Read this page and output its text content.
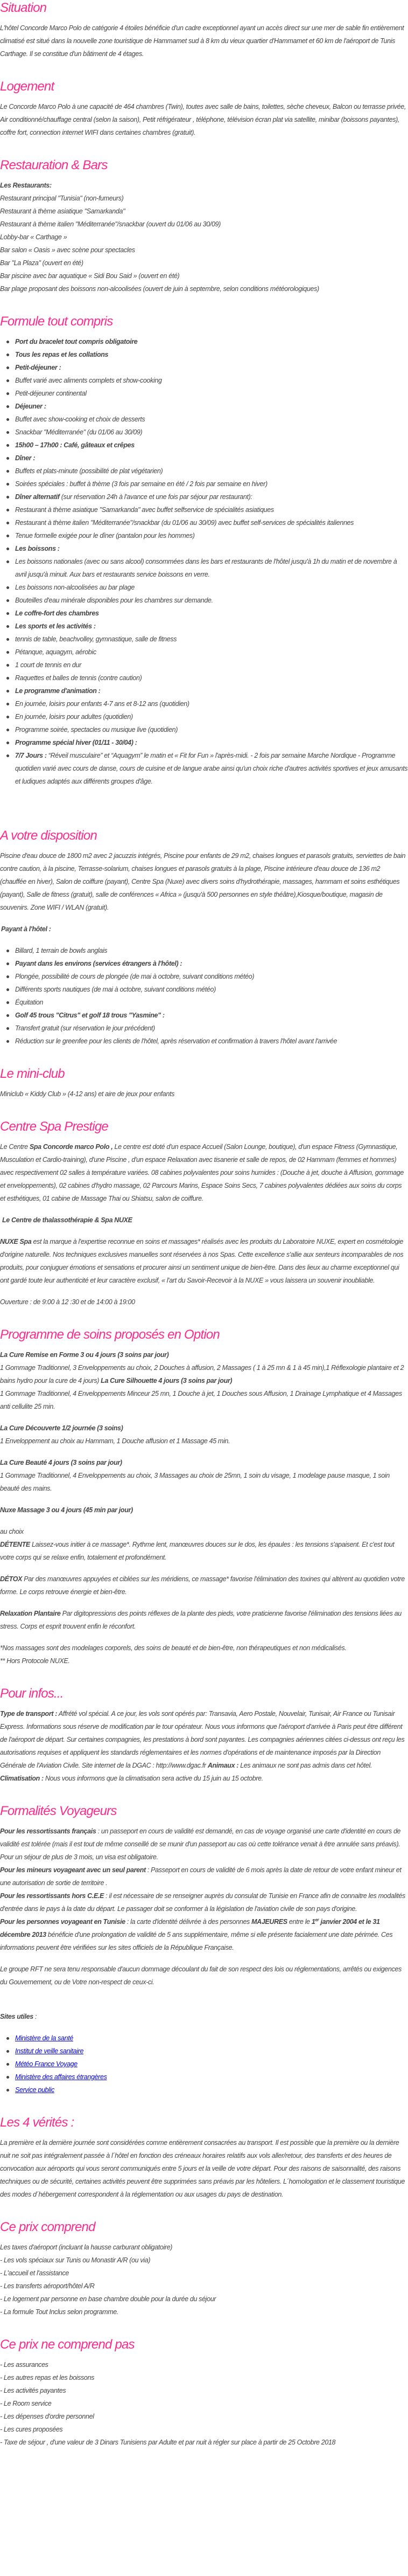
Situation

L'hôtel Concorde Marco Polo de catégorie 4 étoiles bénéficie d'un cadre exceptionnel ayant un accès direct sur une mer de sable fin entièrement climatisé est situé dans la nouvelle zone touristique de Hammamet sud à 8 km du vieux quartier d'Hammamet et 60 km de l'aéroport de Tunis Carthage. Il se constitue d'un bâtiment de 4 étages.

Logement

Le Concorde Marco Polo à une capacité de 464 chambres (Twin), toutes avec salle de bains, toilettes, sèche cheveux, Balcon ou terrasse privée, Air conditionné/chauffage central (selon la saison), Petit réfrigérateur , téléphone, télévision écran plat via satellite, minibar (boissons payantes), coffre fort, connection internet WIFI dans certaines chambres (gratuit).

Restauration & Bars

Les Restaurants:

Restaurant principal "Tunisia" (non-fumeurs)

Restaurant à thème asiatique "Samarkanda"

Restaurant à thème italien "Méditerranée"/snackbar (ouvert du 01/06 au 30/09)

Lobby-bar « Carthage »

Bar salon « Oasis » avec scène pour spectacles

Bar "La Plaza" (ouvert en été)

Bar piscine avec bar aquatique « Sidi Bou Said » (ouvert en été)

Bar plage proposant des boissons non-alcoolisées (ouvert de juin à septembre, selon conditions météorologiques)

Formule tout compris
Port du bracelet tout compris obligatoire
Tous les repas et les collations
Petit-déjeuner :
Buffet varié avec aliments complets et show-cooking
Petit-déjeuner continental
Déjeuner :
Buffet avec show-cooking et choix de desserts
Snackbar "Méditerranée" (du 01/06 au 30/09)
15h00 – 17h00 : Café, gâteaux et crêpes
Dîner :
Buffets et plats-minute (possibilité de plat végétarien)
Soirées spéciales : buffet à thème (3 fois par semaine en été / 2 fois par semaine en hiver)
Dîner alternatif (sur réservation 24h à l'avance et une fois par séjour par restaurant):
Restaurant à thème asiatique "Samarkanda" avec buffet selfservice de spécialités asiatiques
Restaurant à thème italien "Méditerranée"/snackbar (du 01/06 au 30/09) avec buffet self-services de spécialités italiennes
Tenue formelle exigée pour le dîner (pantalon pour les hommes)
Les boissons :
Les boissons nationales (avec ou sans alcool) consommées dans les bars et restaurants de l'hôtel jusqu'à 1h du matin et de novembre à avril jusqu'à minuit. Aux bars et restaurants service boissons en verre.
Les boissons non-alcoolisées au bar plage
Bouteilles d'eau minérale disponibles pour les chambres sur demande.
Le coffre-fort des chambres
Les sports et les activités :
tennis de table, beachvolley, gymnastique, salle de fitness
Pétanque, aquagym, aérobic
1 court de tennis en dur
Raquettes et balles de tennis (contre caution)
Le programme d'animation :
En journée, loisirs pour enfants 4-7 ans et 8-12 ans (quotidien)
En journée, loisirs pour adultes (quotidien)
Programme soirée, spectacles ou musique live (quotidien)
Programme spécial hiver (01/11 - 30/04) :
7/7 Jours : “Réveil musculaire” et “Aquagym” le matin et « Fit for Fun » l'après-midi. - 2 fois par semaine Marche Nordique - Programme quotidien varié avec cours de danse, cours de cuisine et de langue arabe ainsi qu'un choix riche d'autres activités sportives et jeux amusants et ludiques adaptés aux différents groupes d'âge.
A votre disposition

Piscine d'eau douce de 1800 m2 avec 2 jacuzzis intégrés, Piscine pour enfants de 29 m2, chaises longues et parasols gratuits, serviettes de bain contre caution, à la piscine, Terrasse-solarium, chaises longues et parasols gratuits à la plage, Piscine intérieure d'eau douce de 136 m2 (chauffée en hiver), Salon de coiffure (payant), Centre Spa (Nuxe) avec divers soins d'hydrothérapie, massages, hammam et soins esthétiques (payant), Salle de fitness (gratuit), salle de conférences « Africa » (jusqu'à 500 personnes en style théâtre),Kiosque/boutique, magasin de souvenirs. Zone WIFI / WLAN (gratuit).

Payant à l'hôtel :

Billard, 1 terrain de bowls anglais
Payant dans les environs (services étrangers à l'hôtel) :
Plongée, possibilité de cours de plongée (de mai à octobre, suivant conditions météo)
Différents sports nautiques (de mai à octobre, suivant conditions météo)
Équitation
Golf 45 trous "Citrus" et golf 18 trous "Yasmine" :
Transfert gratuit (sur réservation le jour précédent)
Réduction sur le greenfee pour les clients de l'hôtel, après réservation et confirmation à travers l'hôtel avant l'arrivée
Le mini-club

Miniclub « Kiddy Club » (4-12 ans) et aire de jeux pour enfants

Centre Spa Prestige

Le Centre Spa Concorde marco Polo , Le centre est doté d'un espace Accueil (Salon Lounge, boutique), d'un espace Fitness (Gymnastique, Musculation et Cardio-training), d'une Piscine , d'un espace Relaxation avec tisanerie et salle de repos, de 02 Hammam (femmes et hommes) avec respectivement 02 salles à température variées. 08 cabines polyvalentes pour soins humides : (Douche à jet, douche à Affusion, gommage et enveloppements), 02 cabines d'hydro massage, 02 Parcours Marins, Espace Soins Secs, 7 cabines polyvalentes dédiées aux soins du corps et esthétiques, 01 cabine de Massage Thai ou Shiatsu, salon de coiffure.

Le Centre de thalassothérapie & Spa NUXE

NUXE Spa est la marque à l'expertise reconnue en soins et massages* réalisés avec les produits du Laboratoire NUXE, expert en cosmétologie d'origine naturelle. Nos techniques exclusives manuelles sont réservées à nos Spas. Cette excellence s'allie aux senteurs incomparables de nos produits, pour conjuguer émotions et sensations et procurer ainsi un sentiment unique de bien-être. Dans des lieux au charme exceptionnel qui ont gardé toute leur authenticité et leur caractère exclusif, « l'art du Savoir-Recevoir à la NUXE » vous laissera un souvenir inoubliable.

Ouverture : de 9:00 à 12 :30 et de 14:00 à 19:00

Programme de soins proposés en Option

La Cure Remise en Forme 3 ou 4 jours (3 soins par jour)

1 Gommage Traditionnel, 3 Enveloppements au choix, 2 Douches à affusion, 2 Massages ( 1 à 25 mn & 1 à 45 min),1 Réflexologie plantaire et 2 bains hydro pour la cure de 4 jours) La Cure Silhouette 4 jours (3 soins par jour)

1 Gommage Traditionnel, 4 Enveloppements Minceur 25 mn, 1 Douche à jet, 1 Douches sous Affusion, 1 Drainage Lymphatique et 4 Massages anti cellulite 25 min.

La Cure Découverte 1/2 journée (3 soins)

1 Enveloppement au choix au Hammam, 1 Douche affusion et 1 Massage 45 min.

La Cure Beauté 4 jours (3 soins par jour)

1 Gommage Traditionnel, 4 Enveloppements au choix, 3 Massages au choix de 25mn, 1 soin du visage, 1 modelage pause masque, 1 soin beauté des mains.

Nuxe Massage 3 ou 4 jours (45 min par jour)

au choix

DÉTENTE Laissez-vous initier à ce massage*. Rythme lent, manœuvres douces sur le dos, les épaules : les tensions s'apaisent. Et c'est tout votre corps qui se relaxe enfin, totalement et profondément.

DÉTOX Par des manœuvres appuyées et ciblées sur les méridiens, ce massage* favorise l'élimination des toxines qui altèrent au quotidien votre forme. Le corps retrouve énergie et bien-être.

Relaxation Plantaire Par digitopressions des points réflexes de la plante des pieds, votre praticienne favorise l'élimination des tensions liées au stress. Corps et esprit trouvent enfin le réconfort.

*Nos massages sont des modelages corporels, des soins de beauté et de bien-être, non thérapeutiques et non médicalisés.

** Hors Protocole NUXE.

Pour infos...

Type de transport : Affrété vol spécial. A ce jour, les vols sont opérés par: Transavia, Aero Postale, Nouvelair, Tunisair, Air France ou Tunisair Express. Informations sous réserve de modification par le tour opérateur. Nous vous informons que l'aéroport d'arrivée à Paris peut être différent de l'aéroport de départ. Sur certaines compagnies, les prestations à bord sont payantes. Les compagnies aériennes citées ci-dessus ont reçu les autorisations requises et appliquent les standards réglementaires et les normes d'opérations et de maintenance imposés par la Direction Générale de l'Aviation Civile. Site internet de la DGAC : http://www.dgac.fr Animaux : Les animaux ne sont pas admis dans cet hôtel.

Climatisation : Nous vous informons que la climatisation sera active du 15 juin au 15 octobre.

Formalités Voyageurs

Pour les ressortissants français : un passeport en cours de validité est demandé, en cas de voyage organisé une carte d'identité en cours de validité est tolérée (mais il est tout de même conseillé de se munir d'un passeport au cas où cette tolérance venait à être annulée sans préavis). Pour un séjour de plus de 3 mois, un visa est obligatoire.

Pour les mineurs voyageant avec un seul parent : Passeport en cours de validité de 6 mois après la date de retour de votre enfant mineur et une autorisation de sortie de territoire .

Pour les ressortissants hors C.E.E : il est nécessaire de se renseigner auprès du consulat de Tunisie en France afin de connaitre les modalités d'entrée dans le pays à la date du départ. Le passager doit se conformer à la législation de l'aviation civile de son pays d'origine.

Pour les personnes voyageant en Tunisie : la carte d'identité délivrée à des personnes MAJEURES entre le 1er janvier 2004 et le 31 décembre 2013 bénéficie d'une prolongation de validité de 5 ans supplémentaire, même si elle présente facialement une date périmée. Ces informations peuvent être vérifiées sur les sites officiels de la République Française.

Le groupe RFT ne sera tenu responsable d'aucun dommage découlant du fait de son respect des lois ou réglementations, arrêtés ou exigences du Gouvernement, ou de Votre non-respect de ceux-ci.

Sites utiles :

Ministère de la santé
Institut de veille sanitaire
Météo France Voyage
Ministère des affaires étrangères
Service public
Les 4 vérités :

La première et la dernière journée sont considérées comme entièrement consacrées au transport. Il est possible que la première ou la dernière nuit ne soit pas intégralement passée à l´hôtel en fonction des créneaux horaires relatifs aux vols aller/retour, des transferts et des heures de convocation aux aéroports qui vous seront communiqués entre 5 jours et la veille de votre départ. Pour des raisons de saisonnalité, des raisons techniques ou de sécurité, certaines activités peuvent être supprimées sans préavis par les hôteliers. L´homologation et le classement touristique des modes d´hébergement correspondent à la réglementation ou aux usages du pays de destination.

Ce prix comprend

Les taxes d'aéroport (incluant la hausse carburant obligatoire)

- Les vols spéciaux sur Tunis ou Monastir A/R (ou via)

- L'accueil et l'assistance

- Les transferts aéroport/hôtel A/R

- Le logement par personne en base chambre double pour la durée du séjour

- La formule Tout Inclus selon programme.

Ce prix ne comprend pas

- Les assurances

- Les autres repas et les boissons

- Les activités payantes

- Le Room service

- Les dépenses d'ordre personnel

- Les cures proposées

- Taxe de séjour , d'une valeur de 3 Dinars Tunisiens par Adulte et par nuit à régler sur place à partir de 25 Octobre 2018
